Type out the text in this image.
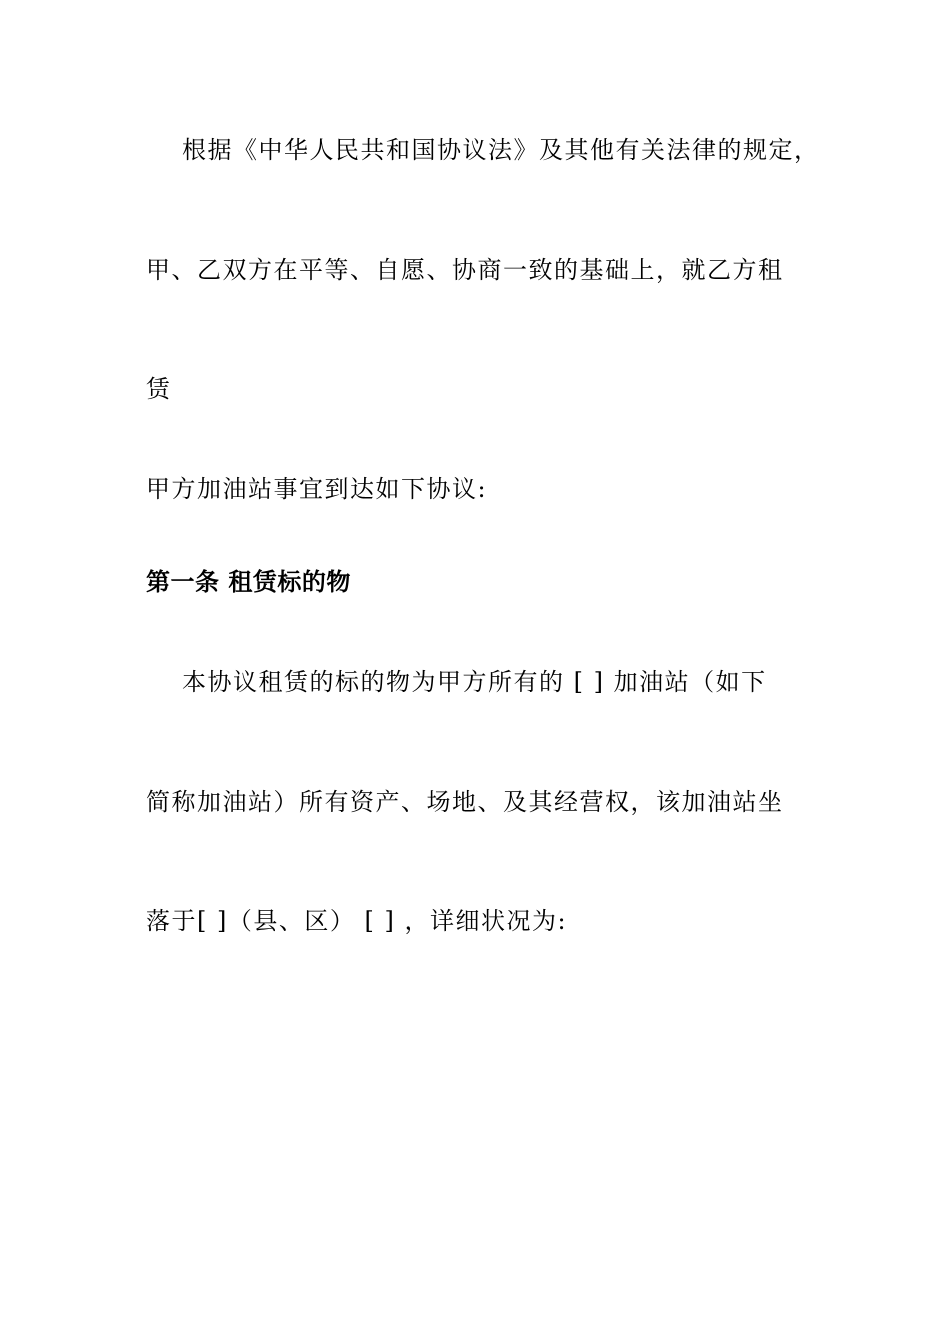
根据《中华人民共和国协议法》及其他有关法律的规定，
甲、乙双方在平等、自愿、协商一致的基础上，就乙方租
赁
甲方加油站事宜到达如下协议:
第一条 租赁标的物
本协议租赁的标的物为甲方所有的 [ ] 加油站（如下
简称加油站）所有资产、场地、及其经营权，该加油站坐
落于[ ]（县、区） [ ] ，详细状况为:
